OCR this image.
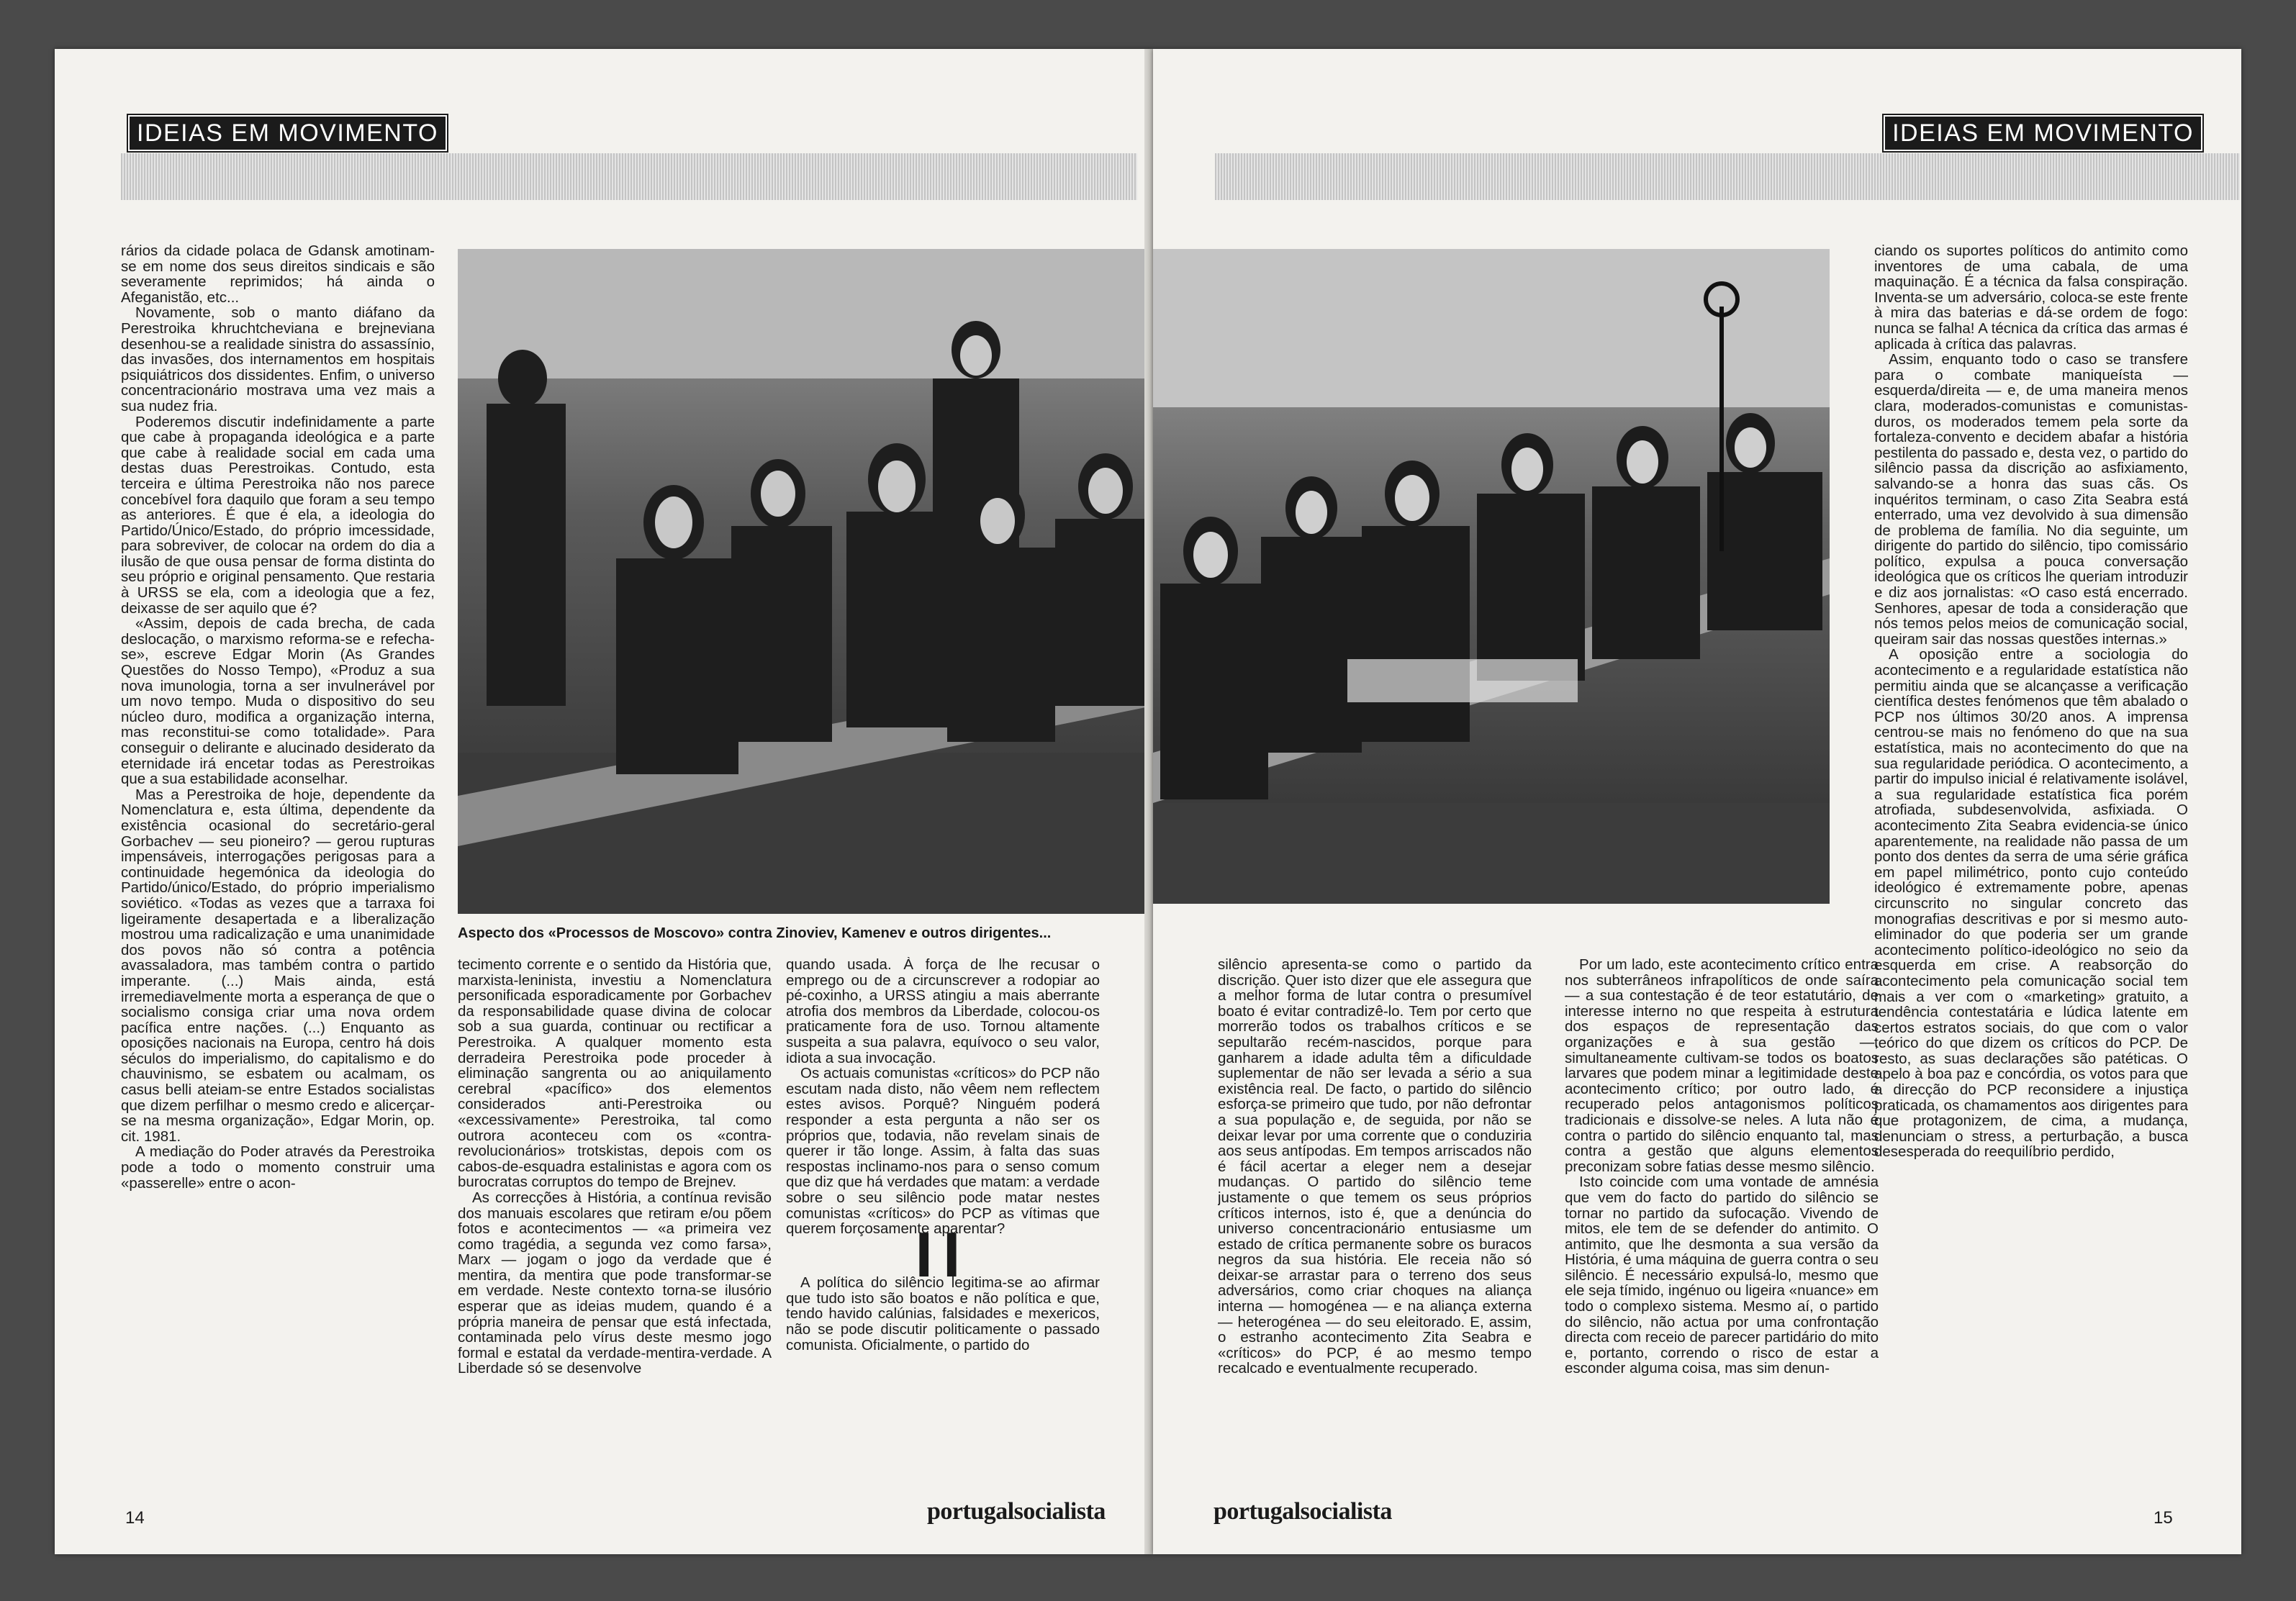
IDEIAS EM MOVIMENTO

rários da cidade polaca de Gdansk amotinam-se em nome dos seus direitos sindicais e são severamente reprimidos; há ainda o Afeganistão, etc...

Novamente, sob o manto diáfano da Perestroika khruchtcheviana e brejneviana desenhou-se a realidade sinistra do assassínio, das invasões, dos internamentos em hospitais psiquiátricos dos dissidentes. Enfim, o universo concentracionário mostrava uma vez mais a sua nudez fria.

Poderemos discutir indefinidamente a parte que cabe à propaganda ideológica e a parte que cabe à realidade social em cada uma destas duas Perestroikas. Contudo, esta terceira e última Perestroika não nos parece concebível fora daquilo que foram a seu tempo as anteriores. É que é ela, a ideologia do Partido/Único/Estado, do próprio imcessidade, para sobreviver, de colocar na ordem do dia a ilusão de que ousa pensar de forma distinta do seu próprio e original pensamento. Que restaria à URSS se ela, com a ideologia que a fez, deixasse de ser aquilo que é?

«Assim, depois de cada brecha, de cada deslocação, o marxismo reforma-se e refecha-se», escreve Edgar Morin (As Grandes Questões do Nosso Tempo), «Produz a sua nova imunologia, torna a ser invulnerável por um novo tempo. Muda o dispositivo do seu núcleo duro, modifica a organização interna, mas reconstitui-se como totalidade». Para conseguir o delirante e alucinado desiderato da eternidade irá encetar todas as Perestroikas que a sua estabilidade aconselhar.

Mas a Perestroika de hoje, dependente da Nomenclatura e, esta última, dependente da existência ocasional do secretário-geral Gorbachev — seu pioneiro? — gerou rupturas impensáveis, interrogações perigosas para a continuidade hegemónica da ideologia do Partido/único/Estado, do próprio imperialismo soviético. «Todas as vezes que a tarraxa foi ligeiramente desapertada e a liberalização mostrou uma radicalização e uma unanimidade dos povos não só contra a potência avassaladora, mas também contra o partido imperante. (...) Mais ainda, está irremediavelmente morta a esperança de que o socialismo consiga criar uma nova ordem pacífica entre nações. (...) Enquanto as oposições nacionais na Europa, centro há dois séculos do imperialismo, do capitalismo e do chauvinismo, se esbatem ou acalmam, os casus belli ateiam-se entre Estados socialistas que dizem perfilhar o mesmo credo e alicerçar-se na mesma organização», Edgar Morin, op. cit. 1981.

A mediação do Poder através da Perestroika pode a todo o momento construir uma «passerelle» entre o acon-

Aspecto dos «Processos de Moscovo» contra Zinoviev, Kamenev e outros dirigentes...

tecimento corrente e o sentido da História que, marxista-leninista, investiu a Nomenclatura personificada esporadicamente por Gorbachev da responsabilidade quase divina de colocar sob a sua guarda, continuar ou rectificar a Perestroika. A qualquer momento esta derradeira Perestroika pode proceder à eliminação sangrenta ou ao aniquilamento cerebral «pacífico» dos elementos considerados anti-Perestroika ou «excessivamente» Perestroika, tal como outrora aconteceu com os «contra-revolucionários» trotskistas, depois com os cabos-de-esquadra estalinistas e agora com os burocratas corruptos do tempo de Brejnev.

As correcções à História, a contínua revisão dos manuais escolares que retiram e/ou põem fotos e acontecimentos — «a primeira vez como tragédia, a segunda vez como farsa», Marx — jogam o jogo da verdade que é mentira, da mentira que pode transformar-se em verdade. Neste contexto torna-se ilusório esperar que as ideias mudem, quando é a própria maneira de pensar que está infectada, contaminada pelo vírus deste mesmo jogo formal e estatal da verdade-mentira-verdade. A Liberdade só se desenvolve

quando usada. À força de lhe recusar o emprego ou de a circunscrever a rodopiar ao pé-coxinho, a URSS atingiu a mais aberrante atrofia dos membros da Liberdade, colocou-os praticamente fora de uso. Tornou altamente suspeita a sua palavra, equívoco o seu valor, idiota a sua invocação.

Os actuais comunistas «críticos» do PCP não escutam nada disto, não vêem nem reflectem estes avisos. Porquê? Ninguém poderá responder a esta pergunta a não ser os próprios que, todavia, não revelam sinais de querer ir tão longe. Assim, à falta das suas respostas inclinamo-nos para o senso comum que diz que há verdades que matam: a verdade sobre o seu silêncio pode matar nestes comunistas «críticos» do PCP as vítimas que querem forçosamente aparentar?

II

A política do silêncio legitima-se ao afirmar que tudo isto são boatos e não política e que, tendo havido calúnias, falsidades e mexericos, não se pode discutir politicamente o passado comunista. Oficialmente, o partido do

14	portugalsocialista
IDEIAS EM MOVIMENTO

silêncio apresenta-se como o partido da discrição. Quer isto dizer que ele assegura que a melhor forma de lutar contra o presumível boato é evitar contradizê-lo. Tem por certo que morrerão todos os trabalhos críticos e se sepultarão recém-nascidos, porque para ganharem a idade adulta têm a dificuldade suplementar de não ser levada a sério a sua existência real. De facto, o partido do silêncio esforça-se primeiro que tudo, por não defrontar a sua população e, de seguida, por não se deixar levar por uma corrente que o conduziria aos seus antípodas. Em tempos arriscados não é fácil acertar a eleger nem a desejar mudanças. O partido do silêncio teme justamente o que temem os seus próprios críticos internos, isto é, que a denúncia do universo concentracionário entusiasme um estado de crítica permanente sobre os buracos negros da sua história. Ele receia não só deixar-se arrastar para o terreno dos seus adversários, como criar choques na aliança interna — homogénea — e na aliança externa — heterogénea — do seu eleitorado. E, assim, o estranho acontecimento Zita Seabra e «críticos» do PCP, é ao mesmo tempo recalcado e eventualmente recuperado.

Por um lado, este acontecimento crítico entra nos subterrâneos infrapolíticos de onde saíra — a sua contestação é de teor estatutário, de interesse interno no que respeita à estrutura dos espaços de representação das organizações e à sua gestão —, simultaneamente cultivam-se todos os boatos larvares que podem minar a legitimidade deste acontecimento crítico; por outro lado, é recuperado pelos antagonismos políticos tradicionais e dissolve-se neles. A luta não é contra o partido do silêncio enquanto tal, mas contra a gestão que alguns elementos preconizam sobre fatias desse mesmo silêncio.

Isto coincide com uma vontade de amnésia que vem do facto do partido do silêncio se tornar no partido da sufocação. Vivendo de mitos, ele tem de se defender do antimito. O antimito, que lhe desmonta a sua versão da História, é uma máquina de guerra contra o seu silêncio. É necessário expulsá-lo, mesmo que ele seja tímido, ingénuo ou ligeira «nuance» em todo o complexo sistema. Mesmo aí, o partido do silêncio, não actua por uma confrontação directa com receio de parecer partidário do mito e, portanto, correndo o risco de estar a esconder alguma coisa, mas sim denun-

ciando os suportes políticos do antimito como inventores de uma cabala, de uma maquinação. É a técnica da falsa conspiração. Inventa-se um adversário, coloca-se este frente à mira das baterias e dá-se ordem de fogo: nunca se falha! A técnica da crítica das armas é aplicada à crítica das palavras.

Assim, enquanto todo o caso se transfere para o combate maniqueísta — esquerda/direita — e, de uma maneira menos clara, moderados-comunistas e comunistas-duros, os moderados temem pela sorte da fortaleza-convento e decidem abafar a história pestilenta do passado e, desta vez, o partido do silêncio passa da discrição ao asfixiamento, salvando-se a honra das suas cãs. Os inquéritos terminam, o caso Zita Seabra está enterrado, uma vez devolvido à sua dimensão de problema de família. No dia seguinte, um dirigente do partido do silêncio, tipo comissário político, expulsa a pouca conversação ideológica que os críticos lhe queriam introduzir e diz aos jornalistas: «O caso está encerrado. Senhores, apesar de toda a consideração que nós temos pelos meios de comunicação social, queiram sair das nossas questões internas.»

A oposição entre a sociologia do acontecimento e a regularidade estatística não permitiu ainda que se alcançasse a verificação científica destes fenómenos que têm abalado o PCP nos últimos 30/20 anos. A imprensa centrou-se mais no fenómeno do que na sua estatística, mais no acontecimento do que na sua regularidade periódica. O acontecimento, a partir do impulso inicial é relativamente isolável, a sua regularidade estatística fica porém atrofiada, subdesenvolvida, asfixiada. O acontecimento Zita Seabra evidencia-se único aparentemente, na realidade não passa de um ponto dos dentes da serra de uma série gráfica em papel milimétrico, ponto cujo conteúdo ideológico é extremamente pobre, apenas circunscrito no singular concreto das monografias descritivas e por si mesmo auto-eliminador do que poderia ser um grande acontecimento político-ideológico no seio da esquerda em crise. A reabsorção do acontecimento pela comunicação social tem mais a ver com o «marketing» gratuito, a tendência contestatária e lúdica latente em certos estratos sociais, do que com o valor teórico do que dizem os críticos do PCP. De resto, as suas declarações são patéticas. O apelo à boa paz e concórdia, os votos para que a direcção do PCP reconsidere a injustiça praticada, os chamamentos aos dirigentes para que protagonizem, de cima, a mudança, denunciam o stress, a perturbação, a busca desesperada do reequilíbrio perdido,

portugalsocialista	15
